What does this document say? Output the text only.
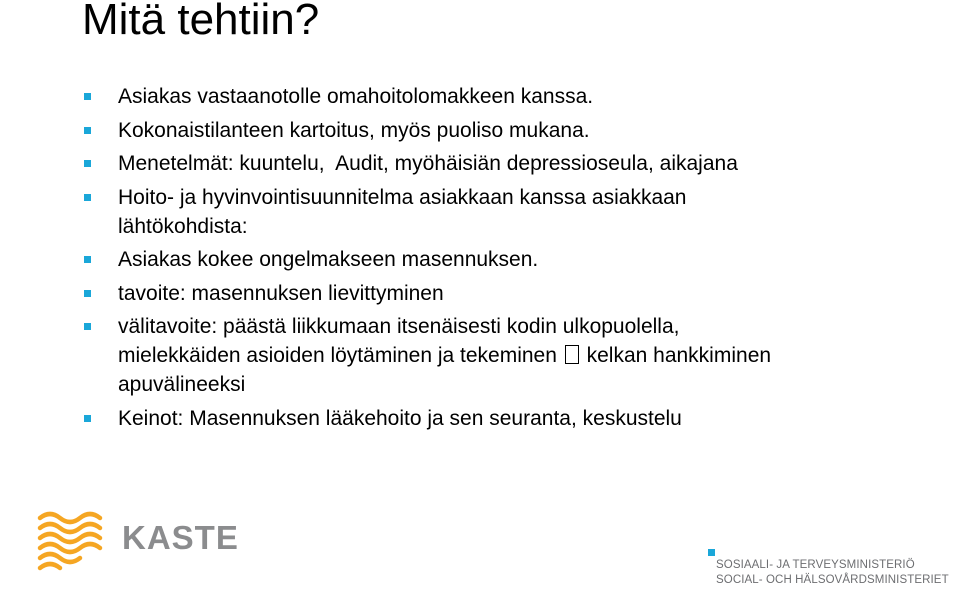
Mitä tehtiin?
Asiakas vastaanotolle omahoitolomakkeen kanssa.
Kokonaistilanteen kartoitus, myös puoliso mukana.
Menetelmät: kuuntelu,  Audit, myöhäisiän depressioseula, aikajana
Hoito- ja hyvinvointisuunnitelma asiakkaan kanssa asiakkaan
lähtökohdista:
Asiakas kokee ongelmakseen masennuksen.
tavoite: masennuksen lievittyminen
välitavoite: päästä liikkumaan itsenäisesti kodin ulkopuolella,
mielekkäiden asioiden löytäminen ja tekeminen kelkan hankkiminen
apuvälineeksi
Keinot: Masennuksen lääkehoito ja sen seuranta, keskustelu
KASTE
SOSIAALI- JA TERVEYSMINISTERIÖ
SOCIAL- OCH HÄLSOVÅRDSMINISTERIET
